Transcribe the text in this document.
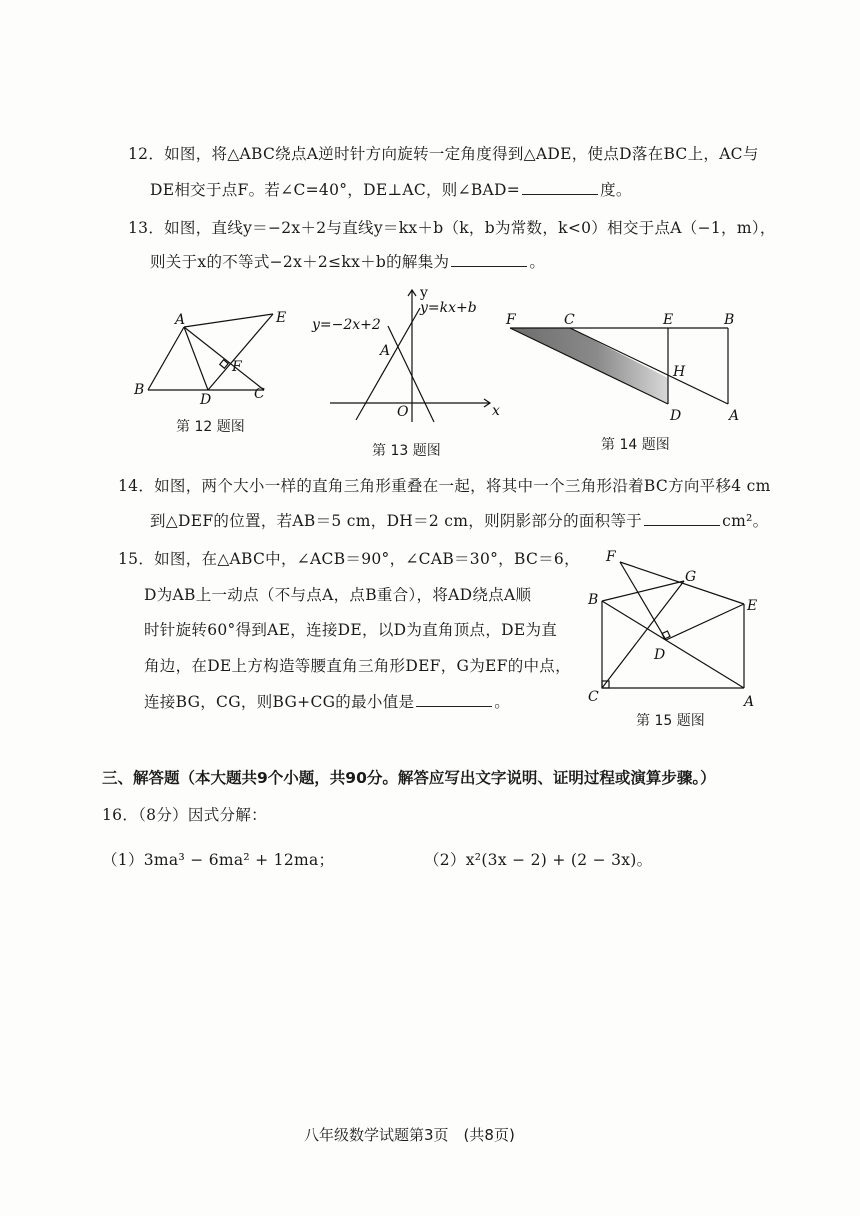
12．如图，将△ABC绕点A逆时针方向旋转一定角度得到△ADE，使点D落在BC上，AC与
DE相交于点F。若∠C=40°，DE⊥AC，则∠BAD=	度。
13．如图，直线y＝−2x＋2与直线y＝kx＋b（k，b为常数，k<0）相交于点A（−1，m），
则关于x的不等式−2x＋2≤kx＋b的解集为	。
A	E
F
B
D	C
第 12 题图
y
x
O
A
y=−2x+2
y=kx+b
第 13 题图
F	C	E	B
H
D	A
第 14 题图
14．如图，两个大小一样的直角三角形重叠在一起，将其中一个三角形沿着BC方向平移4 cm
到△DEF的位置，若AB＝5 cm，DH＝2 cm，则阴影部分的面积等于	cm²。
15．如图，在△ABC中，∠ACB＝90°，∠CAB＝30°，BC＝6，
D为AB上一动点（不与点A，点B重合），将AD绕点A顺
时针旋转60°得到AE，连接DE，以D为直角顶点，DE为直
角边，在DE上方构造等腰直角三角形DEF，G为EF的中点，
连接BG，CG，则BG+CG的最小值是	。
F
G
B	E
D
C	A
第 15 题图
三、解答题（本大题共9个小题，共90分。解答应写出文字说明、证明过程或演算步骤。）
16．（8分）因式分解：
（1）3ma³ − 6ma² + 12ma；	（2）x²(3x − 2) + (2 − 3x)。
八年级数学试题第3页　(共8页)
